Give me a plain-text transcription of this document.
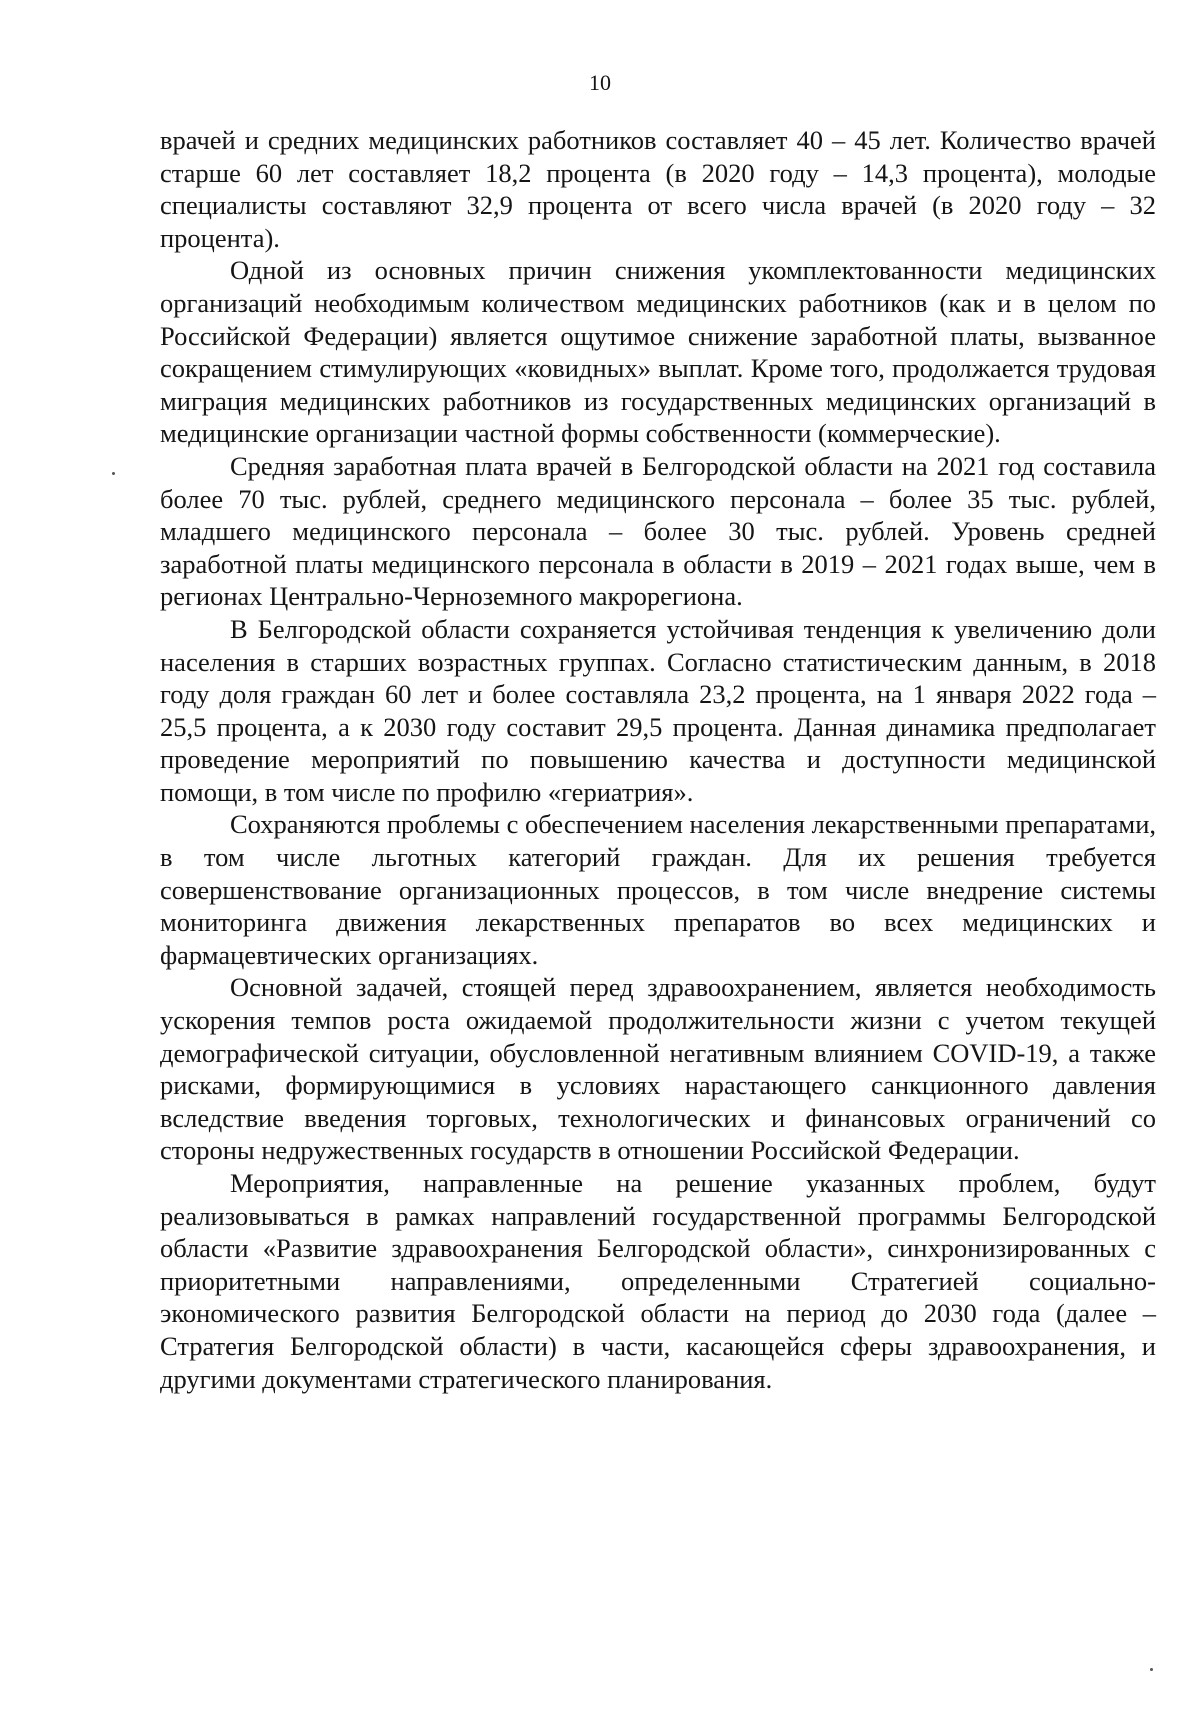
10

врачей и средних медицинских работников составляет 40 – 45 лет. Количество врачей старше 60 лет составляет 18,2 процента (в 2020 году – 14,3 процента), молодые специалисты составляют 32,9 процента от всего числа врачей (в 2020 году – 32 процента).

Одной из основных причин снижения укомплектованности медицинских организаций необходимым количеством медицинских работников (как и в целом по Российской Федерации) является ощутимое снижение заработной платы, вызванное сокращением стимулирующих «ковидных» выплат. Кроме того, продолжается трудовая миграция медицинских работников из государственных медицинских организаций в медицинские организации частной формы собственности (коммерческие).

Средняя заработная плата врачей в Белгородской области на 2021 год составила более 70 тыс. рублей, среднего медицинского персонала – более 35 тыс. рублей, младшего медицинского персонала – более 30 тыс. рублей. Уровень средней заработной платы медицинского персонала в области в 2019 – 2021 годах выше, чем в регионах Центрально-Черноземного макрорегиона.

В Белгородской области сохраняется устойчивая тенденция к увеличению доли населения в старших возрастных группах. Согласно статистическим данным, в 2018 году доля граждан 60 лет и более составляла 23,2 процента, на 1 января 2022 года – 25,5 процента, а к 2030 году составит 29,5 процента. Данная динамика предполагает проведение мероприятий по повышению качества и доступности медицинской помощи, в том числе по профилю «гериатрия».

Сохраняются проблемы с обеспечением населения лекарственными препаратами, в том числе льготных категорий граждан. Для их решения требуется совершенствование организационных процессов, в том числе внедрение системы мониторинга движения лекарственных препаратов во всех медицинских и фармацевтических организациях.

Основной задачей, стоящей перед здравоохранением, является необходимость ускорения темпов роста ожидаемой продолжительности жизни с учетом текущей демографической ситуации, обусловленной негативным влиянием COVID-19, а также рисками, формирующимися в условиях нарастающего санкционного давления вследствие введения торговых, технологических и финансовых ограничений со стороны недружественных государств в отношении Российской Федерации.

Мероприятия, направленные на решение указанных проблем, будут реализовываться в рамках направлений государственной программы Белгородской области «Развитие здравоохранения Белгородской области», синхронизированных с приоритетными направлениями, определенными Стратегией социально-экономического развития Белгородской области на период до 2030 года (далее – Стратегия Белгородской области) в части, касающейся сферы здравоохранения, и другими документами стратегического планирования.
